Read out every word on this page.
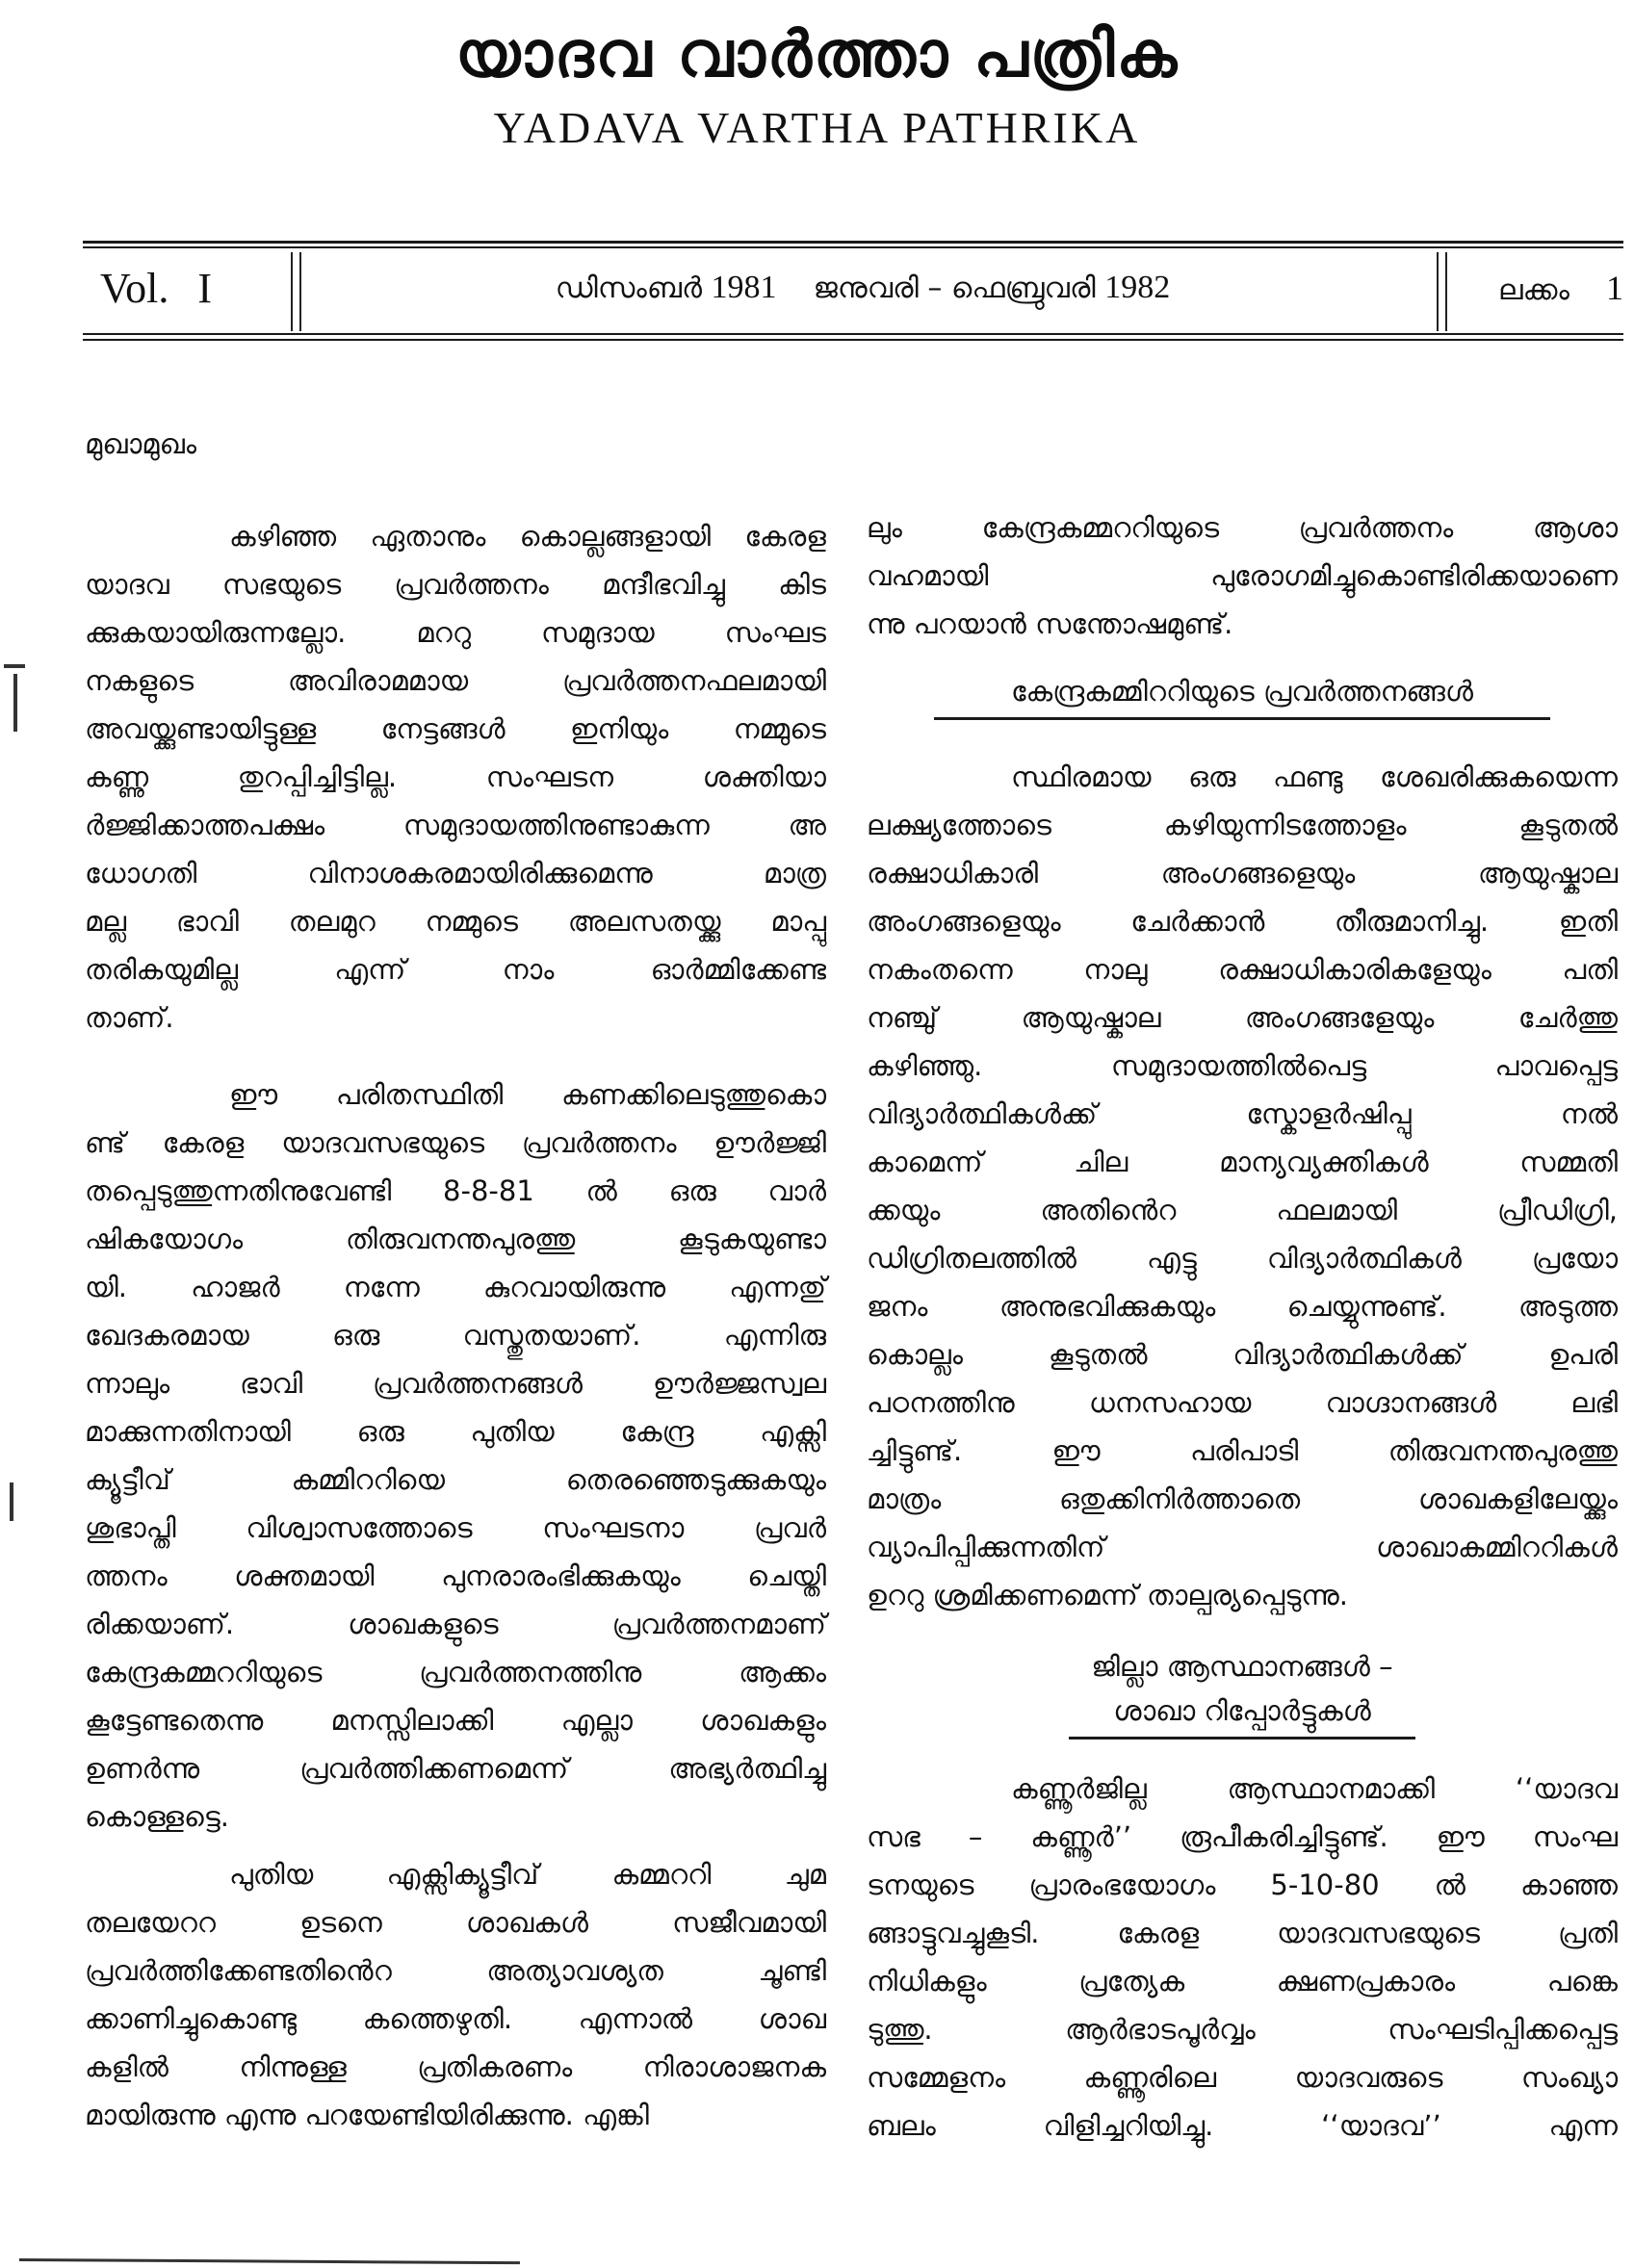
യാദവ വാർത്താ പത്രിക
YADAVA VARTHA PATHRIKA
Vol. I	ഡിസംബർ 1981 ജനുവരി – ഫെബ്രുവരി 1982	ലക്കം 1
മുഖാമുഖം
കഴിഞ്ഞ ഏതാനും കൊല്ലങ്ങളായി കേരള
യാദവ സഭയുടെ പ്രവർത്തനം മന്ദീഭവിച്ചു കിട
ക്കുകയായിരുന്നല്ലോ. മററു സമുദായ സംഘട
നകളുടെ അവിരാമമായ പ്രവർത്തനഫലമായി
അവയ്ക്കുണ്ടായിട്ടുള്ള നേട്ടങ്ങൾ ഇനിയും നമ്മുടെ
കണ്ണു തുറപ്പിച്ചിട്ടില്ല. സംഘടന ശക്തിയാ
ർജ്ജിക്കാത്തപക്ഷം സമുദായത്തിനുണ്ടാകുന്ന അ
ധോഗതി വിനാശകരമായിരിക്കുമെന്നു മാത്ര
മല്ല ഭാവി തലമുറ നമ്മുടെ അലസതയ്ക്കു മാപ്പു
തരികയുമില്ല എന്ന് നാം ഓർമ്മിക്കേണ്ട
താണ്.
ഈ പരിതസ്ഥിതി കണക്കിലെടുത്തുകൊ
ണ്ട് കേരള യാദവസഭയുടെ പ്രവർത്തനം ഊർജ്ജി
തപ്പെടുത്തുന്നതിനുവേണ്ടി 8-8-81 ൽ ഒരു വാർ
ഷികയോഗം തിരുവനന്തപുരത്തു കൂടുകയുണ്ടാ
യി. ഹാജർ നന്നേ കുറവായിരുന്നു എന്നതു്
ഖേദകരമായ ഒരു വസ്തുതയാണ്. എന്നിരു
ന്നാലും ഭാവി പ്രവർത്തനങ്ങൾ ഊർജ്ജസ്വല
മാക്കുന്നതിനായി ഒരു പുതിയ കേന്ദ്ര എക്സി
ക്യൂട്ടീവ് കമ്മിററിയെ തെരഞ്ഞെടുക്കുകയും
ശുഭാപ്തി വിശ്വാസത്തോടെ സംഘടനാ പ്രവർ
ത്തനം ശക്തമായി പുനരാരംഭിക്കുകയും ചെയ്തി
രിക്കയാണ്. ശാഖകളുടെ പ്രവർത്തനമാണ്
കേന്ദ്രകമ്മററിയുടെ പ്രവർത്തനത്തിനു ആക്കം
കൂട്ടേണ്ടതെന്നു മനസ്സിലാക്കി എല്ലാ ശാഖകളും
ഉണർന്നു പ്രവർത്തിക്കണമെന്ന് അഭ്യർത്ഥിച്ചു
കൊള്ളട്ടെ.
പുതിയ എക്സിക്യൂട്ടീവ് കമ്മററി ചുമ
തലയേററ ഉടനെ ശാഖകൾ സജീവമായി
പ്രവർത്തിക്കേണ്ടതിൻെറ അത്യാവശ്യത ചൂണ്ടി
ക്കാണിച്ചുകൊണ്ടു കത്തെഴുതി. എന്നാൽ ശാഖ
കളിൽ നിന്നുള്ള പ്രതികരണം നിരാശാജനക
മായിരുന്നു എന്നു പറയേണ്ടിയിരിക്കുന്നു. എങ്കി
ലും കേന്ദ്രകമ്മററിയുടെ പ്രവർത്തനം ആശാ
വഹമായി പുരോഗമിച്ചുകൊണ്ടിരിക്കയാണെ
ന്നു പറയാൻ സന്തോഷമുണ്ട്.
കേന്ദ്രകമ്മിററിയുടെ പ്രവർത്തനങ്ങൾ
സ്ഥിരമായ ഒരു ഫണ്ടു ശേഖരിക്കുകയെന്ന
ലക്ഷ്യത്തോടെ കഴിയുന്നിടത്തോളം കൂടുതൽ
രക്ഷാധികാരി അംഗങ്ങളെയും ആയുഷ്കാല
അംഗങ്ങളെയും ചേർക്കാൻ തീരുമാനിച്ചു. ഇതി
നകംതന്നെ നാലു രക്ഷാധികാരികളേയും പതി
നഞ്ചു് ആയുഷ്കാല അംഗങ്ങളേയും ചേർത്തു
കഴിഞ്ഞു. സമുദായത്തിൽപെട്ട പാവപ്പെട്ട
വിദ്യാർത്ഥികൾക്ക് സ്കോളർഷിപ്പു നൽ
കാമെന്ന് ചില മാന്യവ്യക്തികൾ സമ്മതി
ക്കയും അതിൻെറ ഫലമായി പ്രീഡിഗ്രി,
ഡിഗ്രിതലത്തിൽ എട്ടു വിദ്യാർത്ഥികൾ പ്രയോ
ജനം അനുഭവിക്കുകയും ചെയ്യുന്നുണ്ട്. അടുത്ത
കൊല്ലം കൂടുതൽ വിദ്യാർത്ഥികൾക്ക് ഉപരി
പഠനത്തിനു ധനസഹായ വാഗ്ദാനങ്ങൾ ലഭി
ച്ചിട്ടുണ്ട്. ഈ പരിപാടി തിരുവനന്തപുരത്തു
മാത്രം ഒതുക്കിനിർത്താതെ ശാഖകളിലേയ്ക്കും
വ്യാപിപ്പിക്കുന്നതിന് ശാഖാകമ്മിററികൾ
ഉററു ശ്രമിക്കണമെന്ന് താല്പര്യപ്പെടുന്നു.
ജില്ലാ ആസ്ഥാനങ്ങൾ –
ശാഖാ റിപ്പോർട്ടുകൾ
കണ്ണൂർജില്ല ആസ്ഥാനമാക്കി ‘‘യാദവ
സഭ – കണ്ണൂർ’’ രൂപീകരിച്ചിട്ടുണ്ട്. ഈ സംഘ
ടനയുടെ പ്രാരംഭയോഗം 5-10-80 ൽ കാഞ്ഞ
ങ്ങാട്ടുവച്ചുകൂടി. കേരള യാദവസഭയുടെ പ്രതി
നിധികളും പ്രത്യേക ക്ഷണപ്രകാരം പങ്കെ
ടുത്തു. ആർഭാടപൂർവ്വം സംഘടിപ്പിക്കപ്പെട്ട
സമ്മേളനം കണ്ണൂരിലെ യാദവരുടെ സംഖ്യാ
ബലം വിളിച്ചറിയിച്ചു. ‘‘യാദവ’’ എന്ന
